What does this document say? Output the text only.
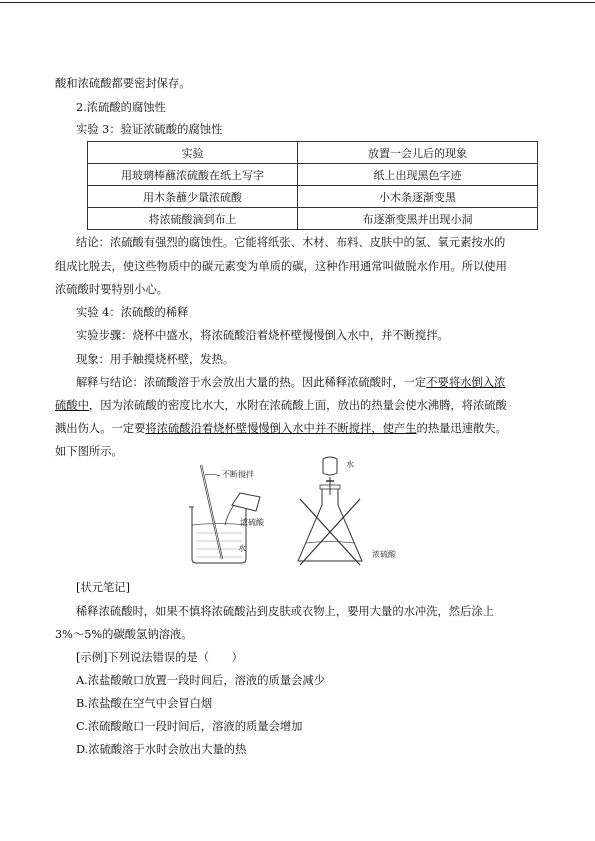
酸和浓硫酸都要密封保存。
2.浓硫酸的腐蚀性
实验 3：验证浓硫酸的腐蚀性
实验	放置一会儿后的现象
用玻璃棒蘸浓硫酸在纸上写字	纸上出现黑色字迹
用木条蘸少量浓硫酸	小木条逐渐变黑
将浓硫酸滴到布上	布逐渐变黑并出现小洞
结论：浓硫酸有强烈的腐蚀性。它能将纸张、木材、布料、皮肤中的氢、氧元素按水的
组成比脱去，使这些物质中的碳元素变为单质的碳，这种作用通常叫做脱水作用。所以使用
浓硫酸时要特别小心。
实验 4：浓硫酸的稀释
实验步骤：烧杯中盛水，将浓硫酸沿着烧杯壁慢慢倒入水中，并不断搅拌。
现象：用手触摸烧杯壁，发热。
解释与结论：浓硫酸溶于水会放出大量的热。因此稀释浓硫酸时，一定不要将水倒入浓
硫酸中，因为浓硫酸的密度比水大，水附在浓硫酸上面，放出的热量会使水沸腾，将浓硫酸
溅出伤人。一定要将浓硫酸沿着烧杯壁慢慢倒入水中并不断搅拌，使产生的热量迅速散失。
如下图所示。
不断搅拌
浓硫酸
水
水
浓硫酸
[状元笔记]
稀释浓硫酸时，如果不慎将浓硫酸沾到皮肤或衣物上，要用大量的水冲洗，然后涂上
3%～5%的碳酸氢钠溶液。
[示例]下列说法错误的是（　　）
A.浓盐酸敞口放置一段时间后，溶液的质量会减少
B.浓盐酸在空气中会冒白烟
C.浓硫酸敞口一段时间后，溶液的质量会增加
D.浓硫酸溶于水时会放出大量的热
